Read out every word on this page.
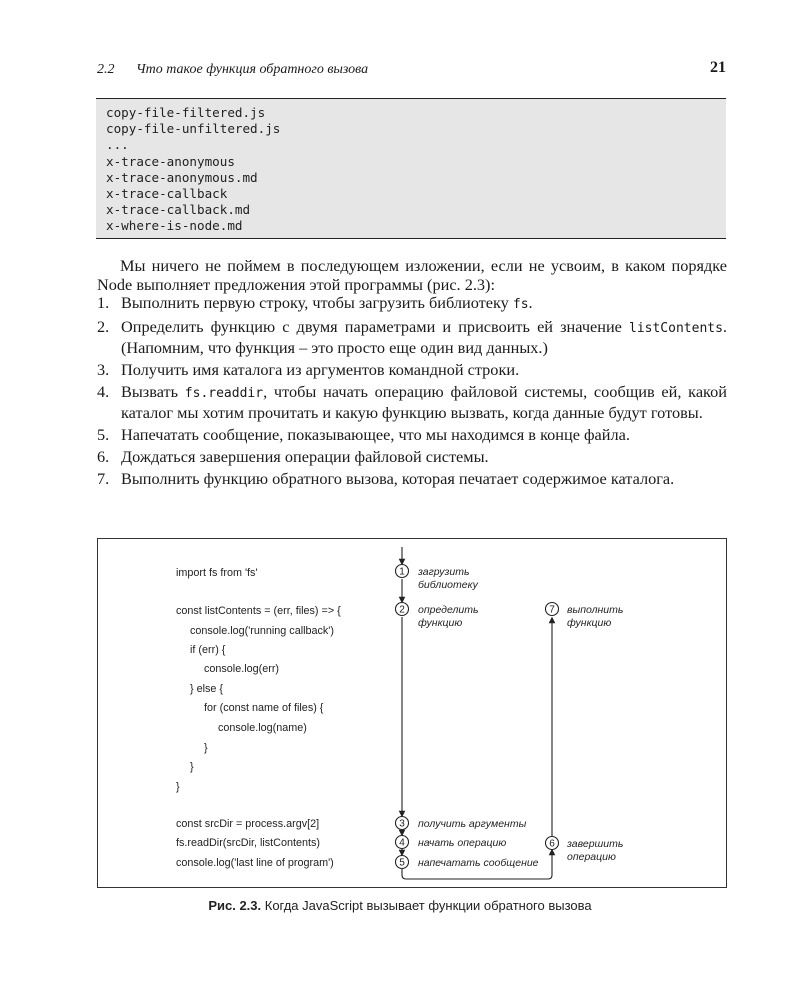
2.2 Что такое функция обратного вызова	21
copy-file-filtered.js
copy-file-unfiltered.js
...
x-trace-anonymous
x-trace-anonymous.md
x-trace-callback
x-trace-callback.md
x-where-is-node.md

Мы ничего не поймем в последующем изложении, если не усвоим, в каком порядке Node выполняет предложения этой программы (рис. 2.3):

1. Выполнить первую строку, чтобы загрузить библиотеку fs.
2. Определить функцию с двумя параметрами и присвоить ей значение listContents. (Напомним, что функция – это просто еще один вид данных.)
3. Получить имя каталога из аргументов командной строки.
4. Вызвать fs.readdir, чтобы начать операцию файловой системы, сообщив ей, какой каталог мы хотим прочитать и какую функцию вызвать, когда данные будут готовы.
5. Напечатать сообщение, показывающее, что мы находимся в конце файла.
6. Дождаться завершения операции файловой системы.
7. Выполнить функцию обратного вызова, которая печатает содержимое каталога.
import fs from 'fs'
const listContents = (err, files) => {
console.log('running callback')
if (err) {
console.log(err)
} else {
for (const name of files) {
console.log(name)
}
}
}
const srcDir = process.argv[2]
fs.readDir(srcDir, listContents)
console.log('last line of program')
1
2
3
4
5
6
7
загрузить
библиотеку
определить
функцию
получить аргументы
начать операцию
напечатать сообщение
завершить
операцию
выполнить
функцию
Рис. 2.3. Когда JavaScript вызывает функции обратного вызова
